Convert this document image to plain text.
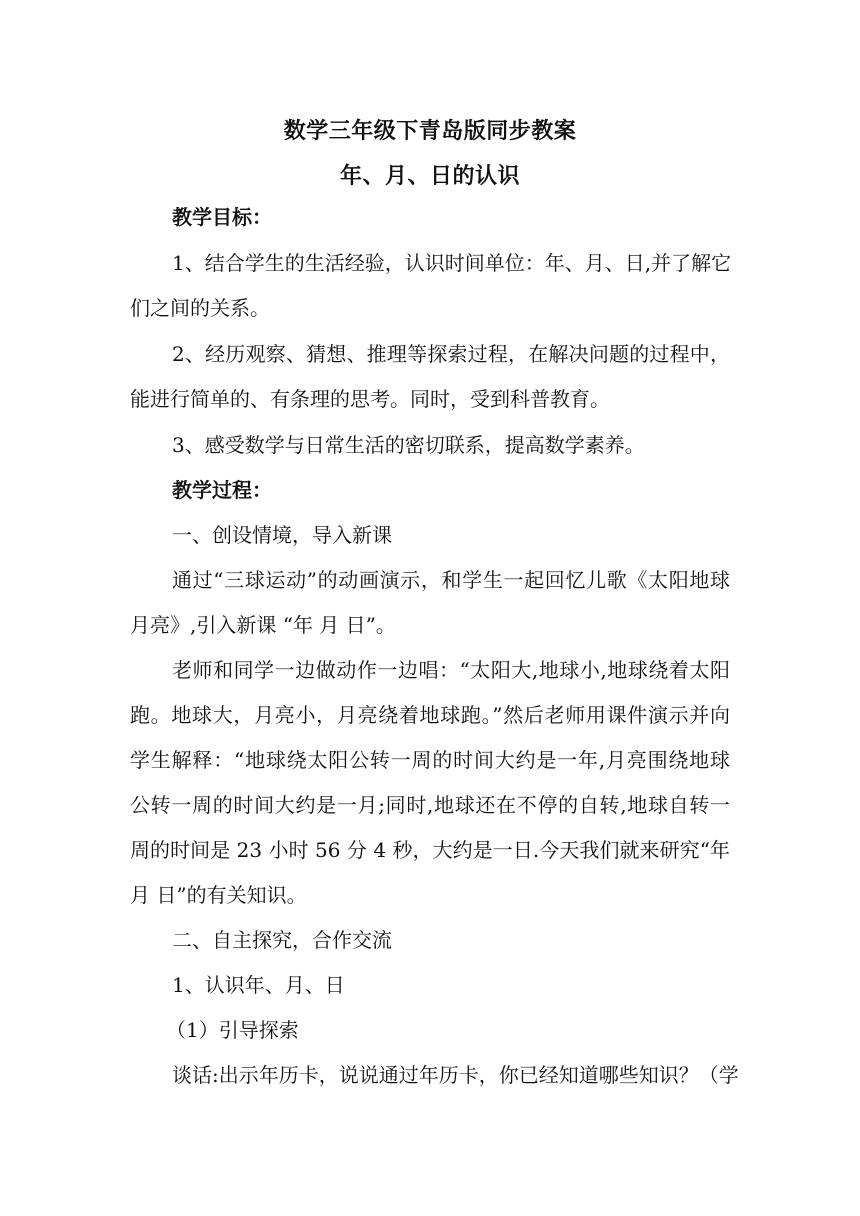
数学三年级下青岛版同步教案
年、月、日的认识
教学目标：
1、结合学生的生活经验，认识时间单位：年、月、日,并了解它
们之间的关系。
2、经历观察、猜想、推理等探索过程，在解决问题的过程中，
能进行简单的、有条理的思考。同时，受到科普教育。
3、感受数学与日常生活的密切联系，提高数学素养。
教学过程：
一、创设情境，导入新课
通过“三球运动”的动画演示，和学生一起回忆儿歌《太阳地球
月亮》,引入新课 “年 月 日”。
老师和同学一边做动作一边唱：“太阳大,地球小,地球绕着太阳
跑。地球大，月亮小，月亮绕着地球跑。”然后老师用课件演示并向
学生解释：“地球绕太阳公转一周的时间大约是一年,月亮围绕地球
公转一周的时间大约是一月;同时,地球还在不停的自转,地球自转一
周的时间是 23 小时 56 分 4 秒，大约是一日.今天我们就来研究“年
月 日”的有关知识。
二、自主探究，合作交流
1、认识年、月、日
（1）引导探索
谈话:出示年历卡，说说通过年历卡，你已经知道哪些知识？（学
